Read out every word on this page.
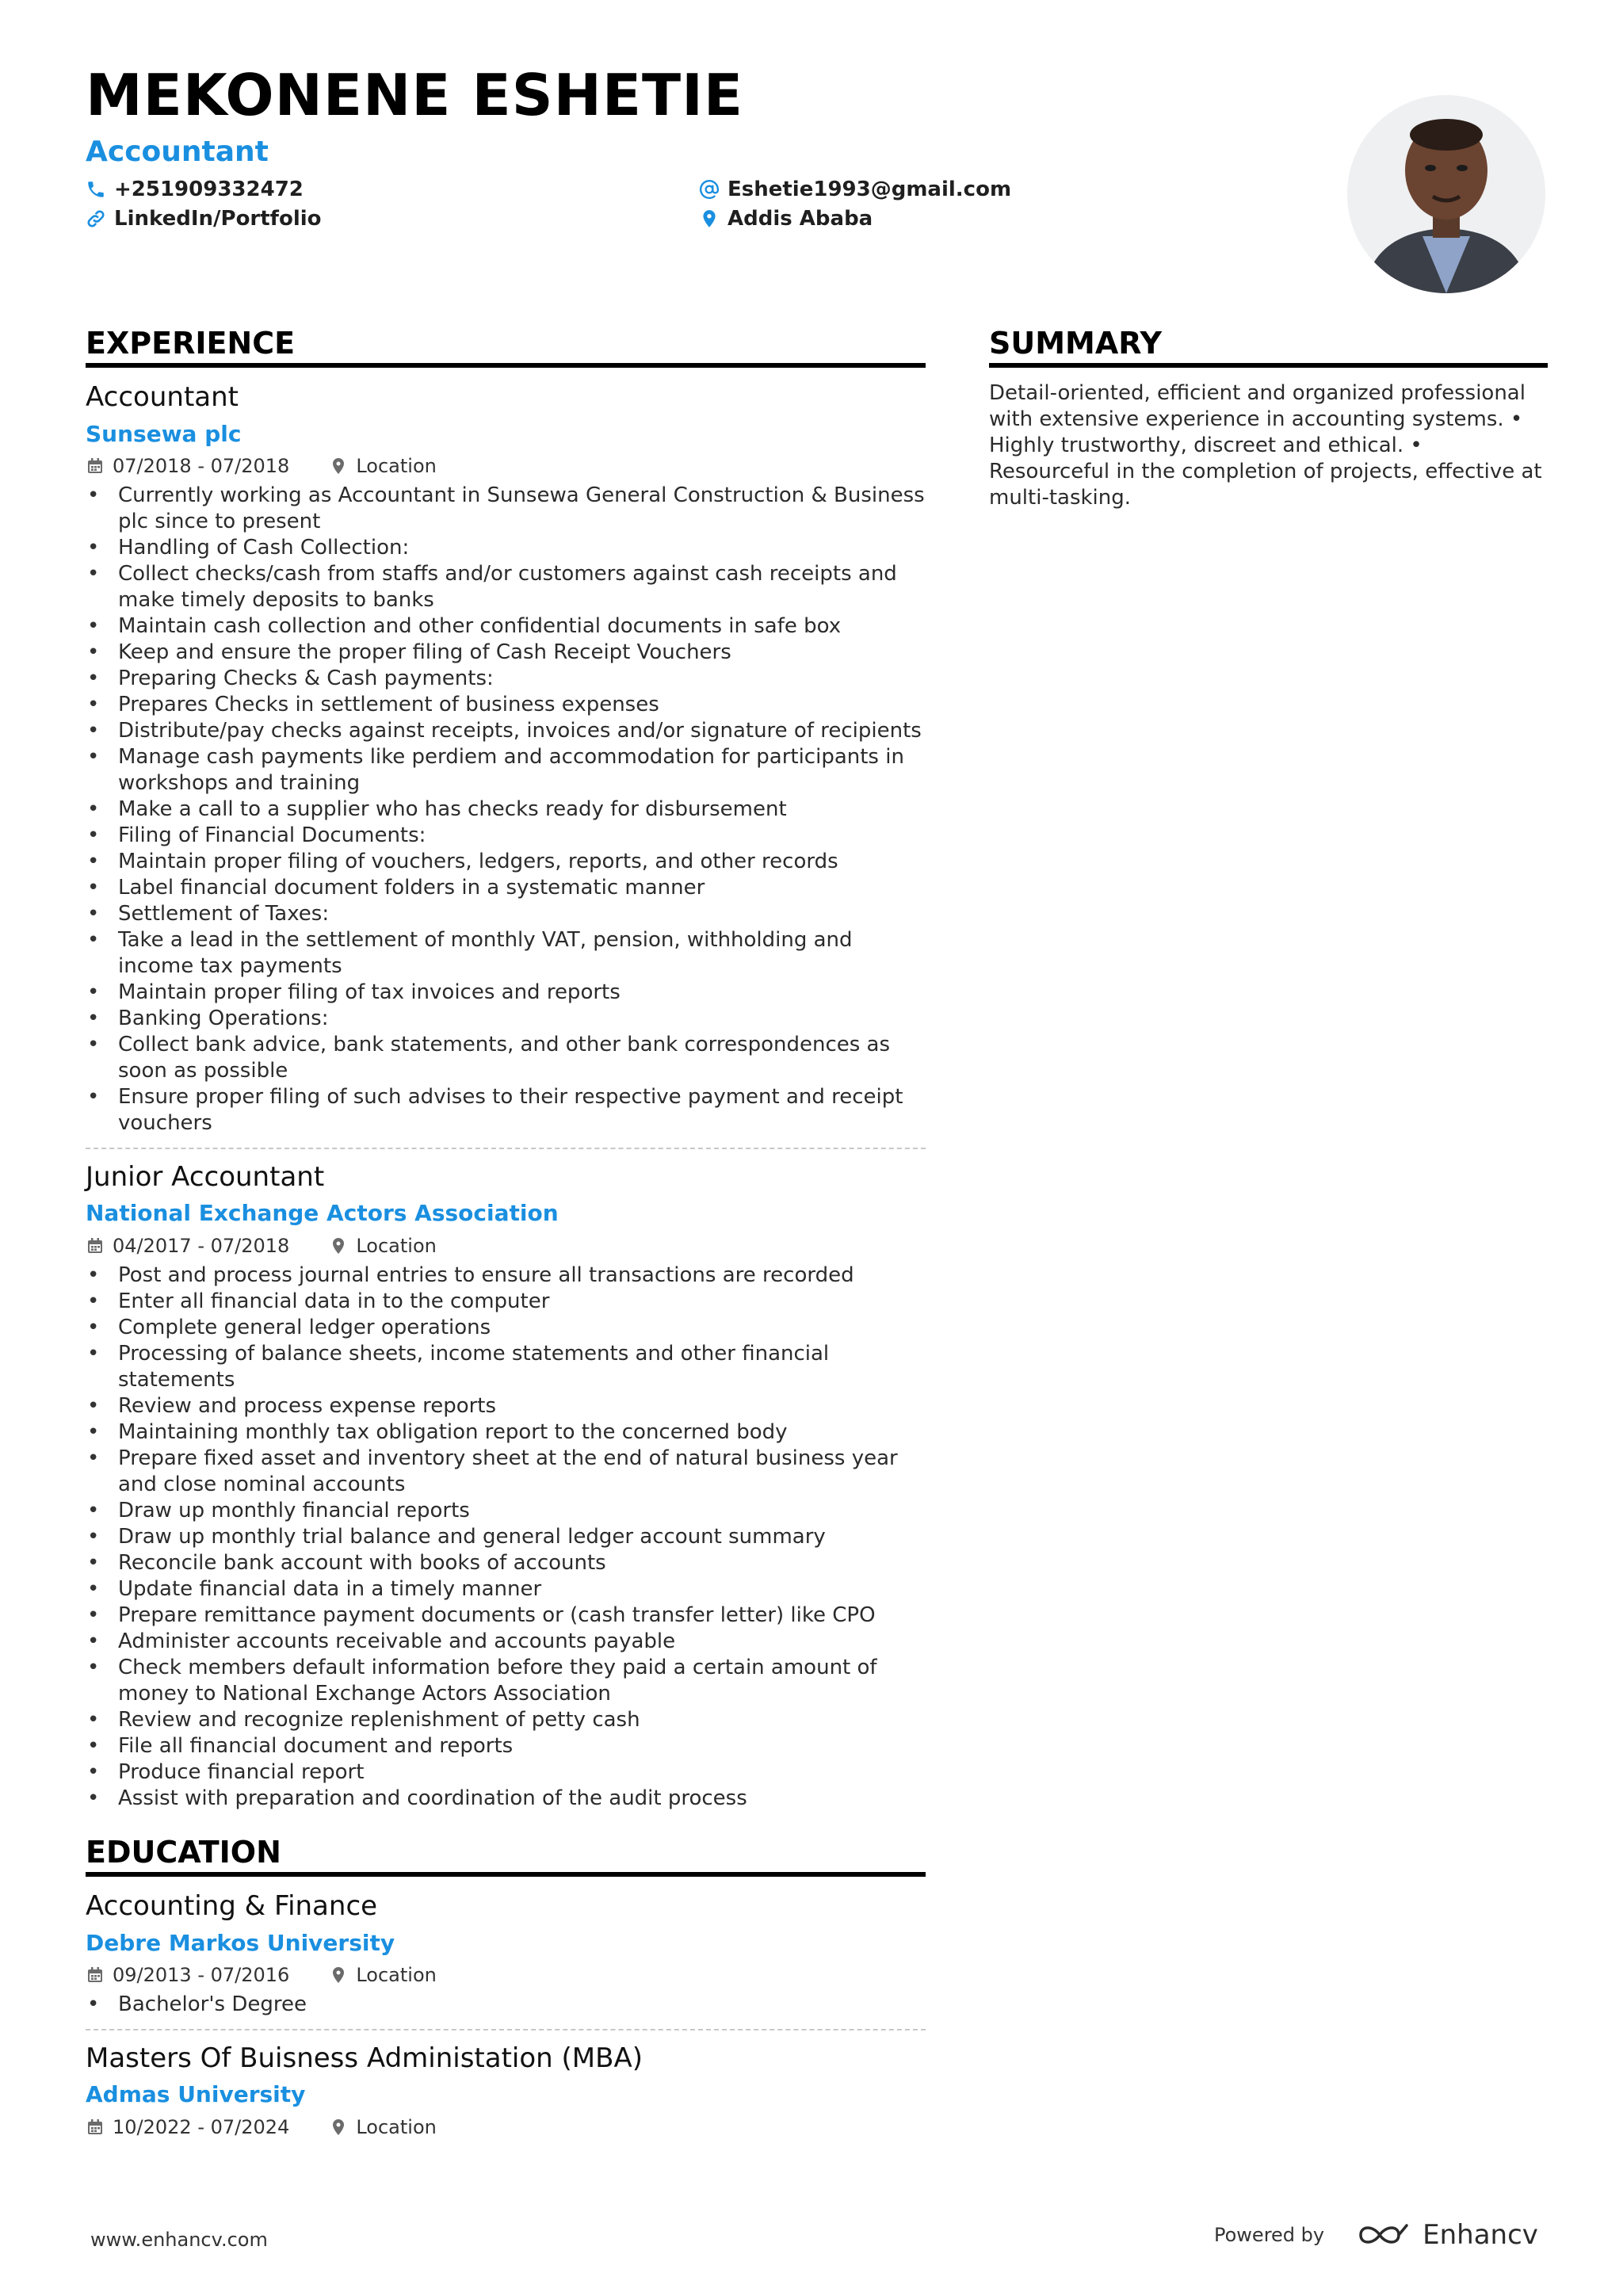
MEKONENE ESHETIE
Accountant
+251909332472
LinkedIn/Portfolio
Eshetie1993@gmail.com
Addis Ababa
EXPERIENCE
Accountant
Sunsewa plc
07/2018 - 07/2018	Location
• Currently working as Accountant in Sunsewa General Construction & Business plc since to present
• Handling of Cash Collection:
• Collect checks/cash from staffs and/or customers against cash receipts and make timely deposits to banks
• Maintain cash collection and other confidential documents in safe box
• Keep and ensure the proper filing of Cash Receipt Vouchers
• Preparing Checks & Cash payments:
• Prepares Checks in settlement of business expenses
• Distribute/pay checks against receipts, invoices and/or signature of recipients
• Manage cash payments like perdiem and accommodation for participants in workshops and training
• Make a call to a supplier who has checks ready for disbursement
• Filing of Financial Documents:
• Maintain proper filing of vouchers, ledgers, reports, and other records
• Label financial document folders in a systematic manner
• Settlement of Taxes:
• Take a lead in the settlement of monthly VAT, pension, withholding and income tax payments
• Maintain proper filing of tax invoices and reports
• Banking Operations:
• Collect bank advice, bank statements, and other bank correspondences as soon as possible
• Ensure proper filing of such advises to their respective payment and receipt vouchers
Junior Accountant
National Exchange Actors Association
04/2017 - 07/2018	Location
• Post and process journal entries to ensure all transactions are recorded
• Enter all financial data in to the computer
• Complete general ledger operations
• Processing of balance sheets, income statements and other financial statements
• Review and process expense reports
• Maintaining monthly tax obligation report to the concerned body
• Prepare fixed asset and inventory sheet at the end of natural business year and close nominal accounts
• Draw up monthly financial reports
• Draw up monthly trial balance and general ledger account summary
• Reconcile bank account with books of accounts
• Update financial data in a timely manner
• Prepare remittance payment documents or (cash transfer letter) like CPO
• Administer accounts receivable and accounts payable
• Check members default information before they paid a certain amount of money to National Exchange Actors Association
• Review and recognize replenishment of petty cash
• File all financial document and reports
• Produce financial report
• Assist with preparation and coordination of the audit process
EDUCATION
Accounting & Finance
Debre Markos University
09/2013 - 07/2016	Location
• Bachelor's Degree
Masters Of Buisness Administation (MBA)
Admas University
10/2022 - 07/2024	Location
SUMMARY

Detail-oriented, efficient and organized professional with extensive experience in accounting systems. • Highly trustworthy, discreet and ethical. • Resourceful in the completion of projects, effective at multi-tasking.

www.enhancv.com	Powered by	Enhancv
